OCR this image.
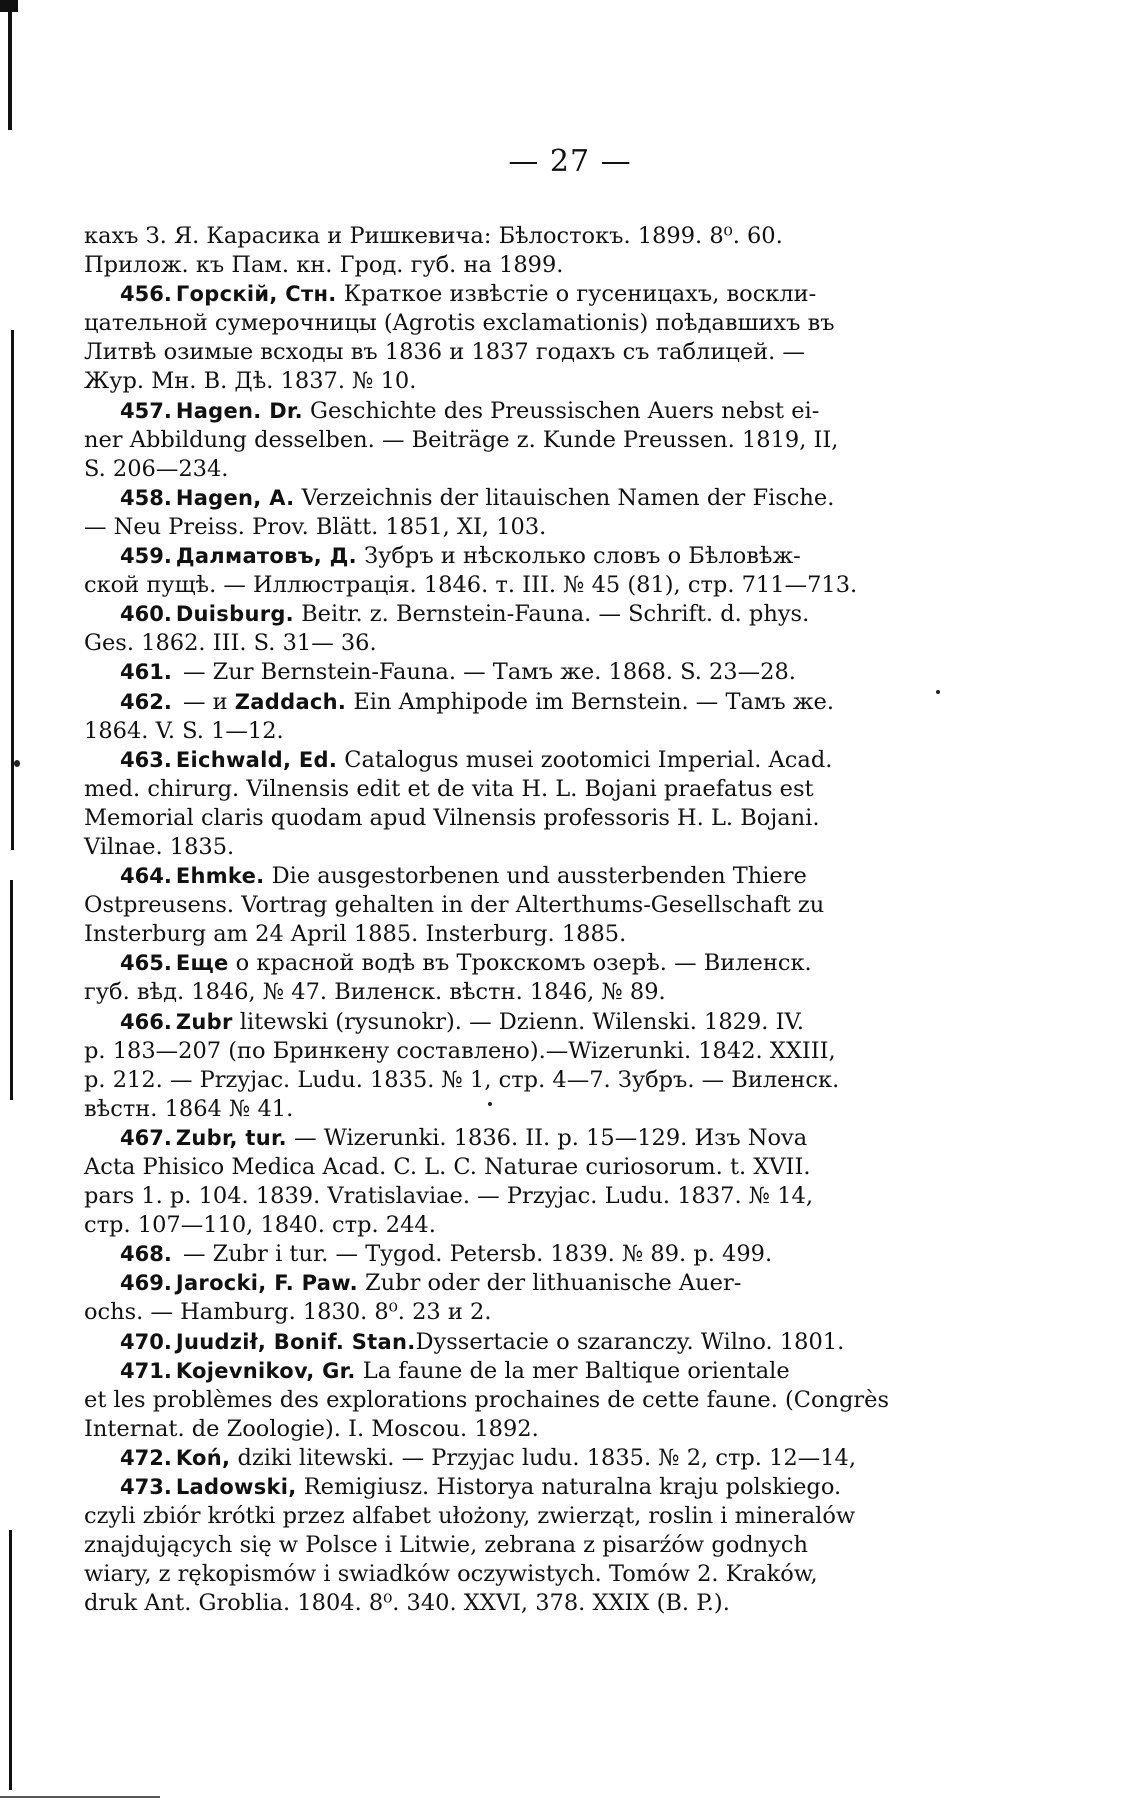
— 27 —
кахъ З. Я. Карасика и Ришкевича: Бѣлостокъ. 1899. 8⁰. 60.
Прилож. къ Пам. кн. Грод. губ. на 1899.
456. Горскій, Стн. Краткое извѣстіе о гусеницахъ, воскли-
цательной сумерочницы (Agrotis exclamationis) поѣдавшихъ въ
Литвѣ озимые всходы въ 1836 и 1837 годахъ съ таблицей. —
Жур. Мн. В. Дѣ. 1837. № 10.
457. Hagen. Dr. Geschichte des Preussischen Auers nebst ei-
ner Abbildung desselben. — Beiträge z. Kunde Preussen. 1819, II,
S. 206—234.
458. Hagen, A. Verzeichnis der litauischen Namen der Fische.
— Neu Preiss. Prov. Blätt. 1851, XI, 103.
459. Далматовъ, Д. Зубръ и нѣсколько словъ о Бѣловѣж-
ской пущѣ. — Иллюстрація. 1846. т. III. № 45 (81), стр. 711—713.
460. Duisburg. Beitr. z. Bernstein-Fauna. — Schrift. d. phys.
Ges. 1862. III. S. 31— 36.
461. — Zur Bernstein-Fauna. — Тамъ же. 1868. S. 23—28.
462. — и Zaddach. Ein Amphipode im Bernstein. — Тамъ же.
1864. V. S. 1—12.
463. Eichwald, Ed. Catalogus musei zootomici Imperial. Acad.
med. chirurg. Vilnensis edit et de vita H. L. Bojani praefatus est
Memorial claris quodam apud Vilnensis professoris H. L. Bojani.
Vilnae. 1835.
464. Ehmke. Die ausgestorbenen und aussterbenden Thiere
Ostpreusens. Vortrag gehalten in der Alterthums-Gesellschaft zu
Insterburg am 24 April 1885. Insterburg. 1885.
465. Еще о красной водѣ въ Трокскомъ озерѣ. — Виленск.
губ. вѣд. 1846, № 47. Виленск. вѣстн. 1846, № 89.
466. Zubr litewski (rysunokr). — Dzienn. Wilenski. 1829. IV.
p. 183—207 (по Бринкену составлено).—Wizerunki. 1842. XXIII,
p. 212. — Przyjac. Ludu. 1835. № 1, стр. 4—7. Зубръ. — Виленск.
вѣстн. 1864 № 41.
467. Zubr, tur. — Wizerunki. 1836. II. p. 15—129. Изъ Nova
Acta Phisico Medica Acad. C. L. C. Naturae curiosorum. t. XVII.
pars 1. p. 104. 1839. Vratislaviae. — Przyjac. Ludu. 1837. № 14,
стр. 107—110, 1840. стр. 244.
468. — Zubr i tur. — Tygod. Petersb. 1839. № 89. p. 499.
469. Jarocki, F. Paw. Zubr oder der lithuanische Auer-
ochs. — Hamburg. 1830. 8⁰. 23 и 2.
470. Juudził, Bonif. Stan.Dyssertacie o szaranczy. Wilno. 1801.
471. Kojevnikov, Gr. La faune de la mer Baltique orientale
et les problèmes des explorations prochaines de cette faune. (Congrès
Internat. de Zoologie). I. Moscou. 1892.
472. Koń, dziki litewski. — Przyjac ludu. 1835. № 2, стр. 12—14,
473. Ladowski, Remigiusz. Historya naturalna kraju polskiego.
czyli zbiór krótki przez alfabet ułożony, zwierząt, roslin i mineralów
znajdujących się w Polsce i Litwie, zebrana z pisarźów godnych
wiary, z rękopismów i swiadków oczywistych. Tomów 2. Kraków,
druk Ant. Groblia. 1804. 8⁰. 340. XXVI, 378. XXIX (B. P.).
